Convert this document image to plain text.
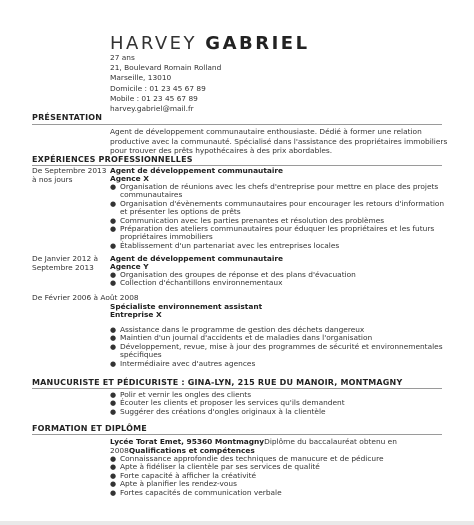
HARVEY GABRIEL
27 ans
21, Boulevard Romain Rolland
Marseille, 13010
Domicile : 01 23 45 67 89
Mobile : 01 23 45 67 89
harvey.gabriel@mail.fr
PRÉSENTATION
Agent de développement communautaire enthousiaste. Dédié à former une relation productive avec la communauté. Spécialisé dans l'assistance des propriétaires immobiliers pour trouver des prêts hypothécaires à des prix abordables.
EXPÉRIENCES PROFESSIONNELLES
De Septembre 2013 à nos jours
Agent de développement communautaire
Agence X
● Organisation de réunions avec les chefs d'entreprise pour mettre en place des projets communautaires
● Organisation d'évènements communautaires pour encourager les retours d'information et présenter les options de prêts
● Communication avec les parties prenantes et résolution des problèmes
● Préparation des ateliers communautaires pour éduquer les propriétaires et les futurs propriétaires immobiliers
● Établissement d'un partenariat avec les entreprises locales
De Janvier 2012 à Septembre 2013
Agent de développement communautaire
Agence Y
● Organisation des groupes de réponse et des plans d'évacuation
● Collection d'échantillons environnementaux
De Février 2006 à Août 2008
Spécialiste environnement assistant
Entreprise X
● Assistance dans le programme de gestion des déchets dangereux
● Maintien d'un journal d'accidents et de maladies dans l'organisation
● Développement, revue, mise à jour des programmes de sécurité et environnementales spécifiques
● Intermédiaire avec d'autres agences
MANUCURISTE ET PÉDICURISTE : GINA-LYN, 215 RUE DU MANOIR, MONTMAGNY
● Polir et vernir les ongles des clients
● Écouter les clients et proposer les services qu'ils demandent
● Suggérer des créations d'ongles originaux à la clientèle
FORMATION ET DIPLÔME
Lycée Torat Emet, 95360 MontmagnyDiplôme du baccalauréat obtenu en
2008Qualifications et compétences
● Connaissance approfondie des techniques de manucure et de pédicure
● Apte à fidéliser la clientèle par ses services de qualité
● Forte capacité à afficher la créativité
● Apte à planifier les rendez-vous
● Fortes capacités de communication verbale
